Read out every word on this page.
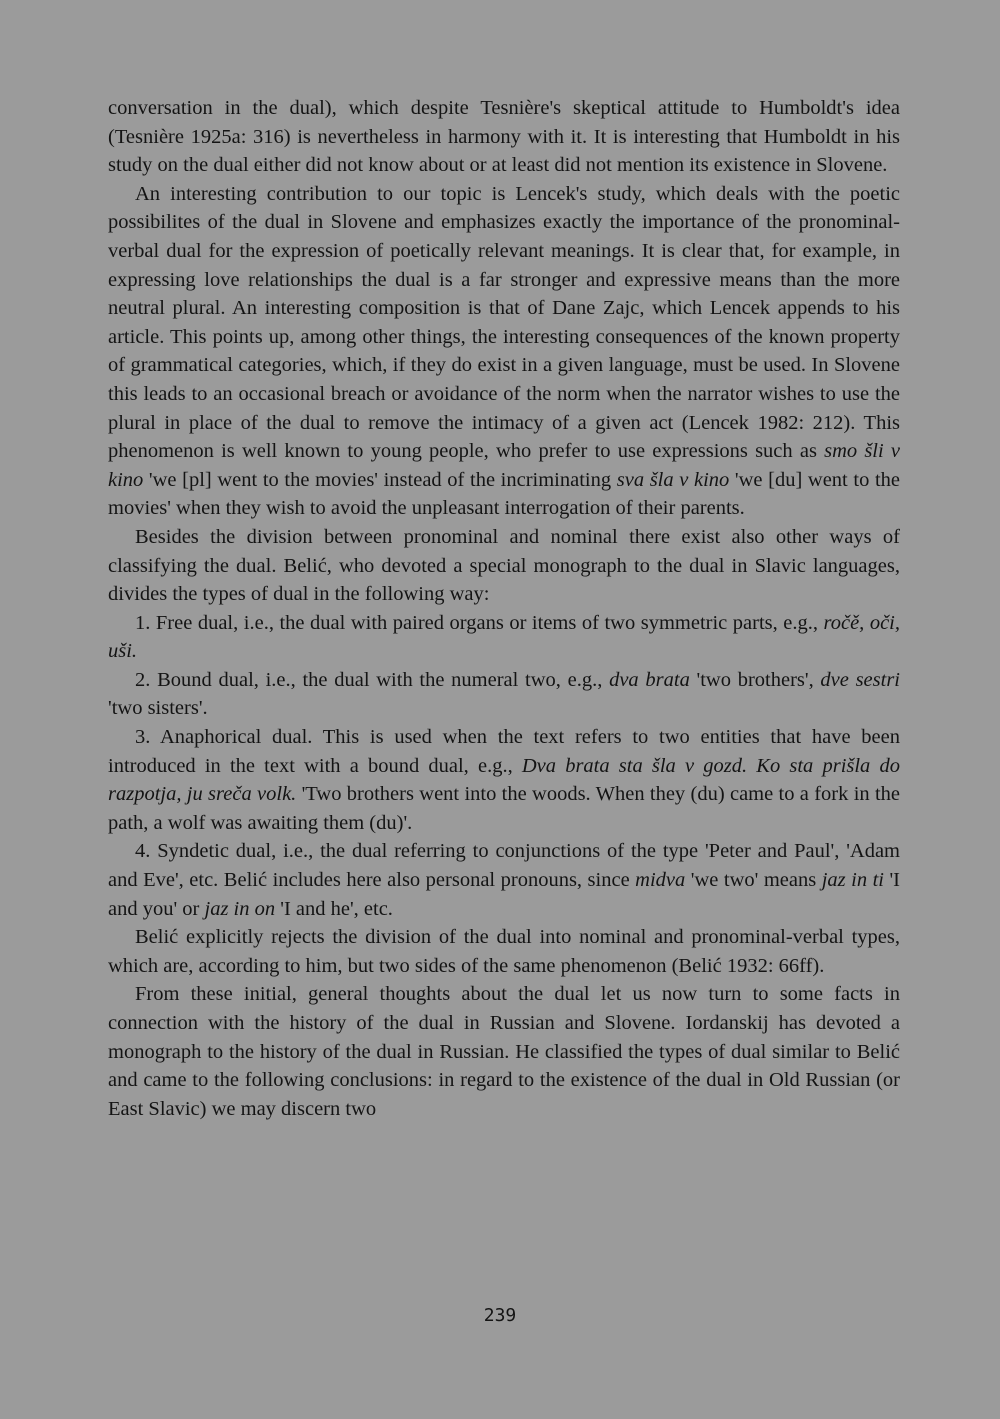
conversation in the dual), which despite Tesnière's skeptical attitude to Humboldt's idea (Tesnière 1925a: 316) is nevertheless in harmony with it. It is interesting that Humboldt in his study on the dual either did not know about or at least did not mention its existence in Slovene.

An interesting contribution to our topic is Lencek's study, which deals with the poetic possibilites of the dual in Slovene and emphasizes exactly the importance of the pronominal-verbal dual for the expression of poetically relevant meanings. It is clear that, for example, in expressing love relationships the dual is a far stronger and expressive means than the more neutral plural. An interesting composition is that of Dane Zajc, which Lencek appends to his article. This points up, among other things, the interesting consequences of the known property of grammatical categories, which, if they do exist in a given language, must be used. In Slovene this leads to an occasional breach or avoidance of the norm when the narrator wishes to use the plural in place of the dual to remove the intimacy of a given act (Lencek 1982: 212). This phenomenon is well known to young people, who prefer to use expressions such as smo šli v kino 'we [pl] went to the movies' instead of the incriminating sva šla v kino 'we [du] went to the movies' when they wish to avoid the unpleasant interrogation of their parents.

Besides the division between pronominal and nominal there exist also other ways of classifying the dual. Belić, who devoted a special monograph to the dual in Slavic languages, divides the types of dual in the following way:

1. Free dual, i.e., the dual with paired organs or items of two symmetric parts, e.g., ročě, oči, uši.

2. Bound dual, i.e., the dual with the numeral two, e.g., dva brata 'two brothers', dve sestri 'two sisters'.

3. Anaphorical dual. This is used when the text refers to two entities that have been introduced in the text with a bound dual, e.g., Dva brata sta šla v gozd. Ko sta prišla do razpotja, ju sreča volk. 'Two brothers went into the woods. When they (du) came to a fork in the path, a wolf was awaiting them (du)'.

4. Syndetic dual, i.e., the dual referring to conjunctions of the type 'Peter and Paul', 'Adam and Eve', etc. Belić includes here also personal pronouns, since midva 'we two' means jaz in ti 'I and you' or jaz in on 'I and he', etc.

Belić explicitly rejects the division of the dual into nominal and pronominal-verbal types, which are, according to him, but two sides of the same phenomenon (Belić 1932: 66ff).

From these initial, general thoughts about the dual let us now turn to some facts in connection with the history of the dual in Russian and Slovene. Iordanskij has devoted a monograph to the history of the dual in Russian. He classified the types of dual similar to Belić and came to the following conclusions: in regard to the existence of the dual in Old Russian (or East Slavic) we may discern two

239
